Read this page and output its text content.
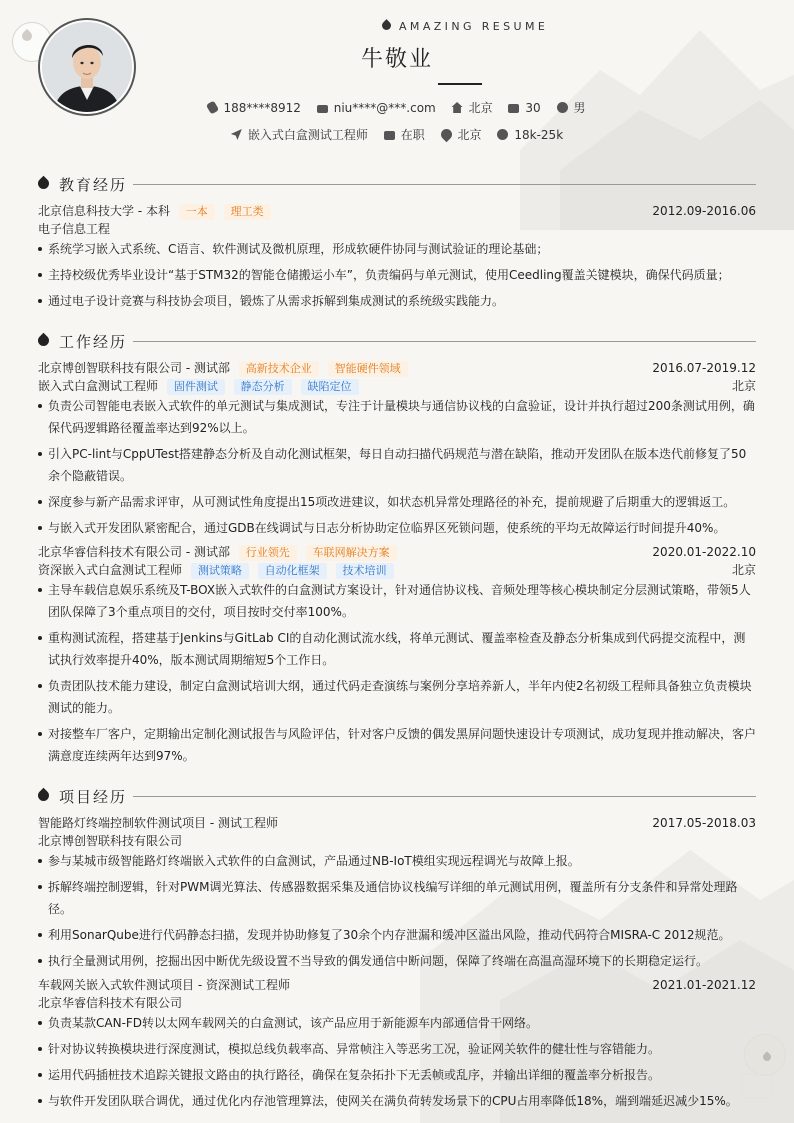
AMAZING RESUME
牛敬业
188****8912	niu****@***.com	北京	30	男
嵌入式白盒测试工程师	在职	北京	18k-25k
教育经历
北京信息科技大学 - 本科 一本 理工类	2012.09-2016.06
电子信息工程
系统学习嵌入式系统、C语言、软件测试及微机原理，形成软硬件协同与测试验证的理论基础；
主持校级优秀毕业设计“基于STM32的智能仓储搬运小车”，负责编码与单元测试，使用Ceedling覆盖关键模块，确保代码质量；
通过电子设计竞赛与科技协会项目，锻炼了从需求拆解到集成测试的系统级实践能力。
工作经历
北京博创智联科技有限公司 - 测试部 高新技术企业 智能硬件领域	2016.07-2019.12
嵌入式白盒测试工程师 固件测试 静态分析 缺陷定位	北京
负责公司智能电表嵌入式软件的单元测试与集成测试，专注于计量模块与通信协议栈的白盒验证，设计并执行超过200条测试用例，确保代码逻辑路径覆盖率达到92%以上。
引入PC-lint与CppUTest搭建静态分析及自动化测试框架，每日自动扫描代码规范与潜在缺陷，推动开发团队在版本迭代前修复了50余个隐蔽错误。
深度参与新产品需求评审，从可测试性角度提出15项改进建议，如状态机异常处理路径的补充，提前规避了后期重大的逻辑返工。
与嵌入式开发团队紧密配合，通过GDB在线调试与日志分析协助定位临界区死锁问题，使系统的平均无故障运行时间提升40%。
北京华睿信科技术有限公司 - 测试部 行业领先 车联网解决方案	2020.01-2022.10
资深嵌入式白盒测试工程师 测试策略 自动化框架 技术培训	北京
主导车载信息娱乐系统及T-BOX嵌入式软件的白盒测试方案设计，针对通信协议栈、音频处理等核心模块制定分层测试策略，带领5人团队保障了3个重点项目的交付，项目按时交付率100%。
重构测试流程，搭建基于Jenkins与GitLab CI的自动化测试流水线，将单元测试、覆盖率检查及静态分析集成到代码提交流程中，测试执行效率提升40%，版本测试周期缩短5个工作日。
负责团队技术能力建设，制定白盒测试培训大纲，通过代码走查演练与案例分享培养新人，半年内使2名初级工程师具备独立负责模块测试的能力。
对接整车厂客户，定期输出定制化测试报告与风险评估，针对客户反馈的偶发黑屏问题快速设计专项测试，成功复现并推动解决，客户满意度连续两年达到97%。
项目经历
智能路灯终端控制软件测试项目 - 测试工程师	2017.05-2018.03
北京博创智联科技有限公司
参与某城市级智能路灯终端嵌入式软件的白盒测试，产品通过NB-IoT模组实现远程调光与故障上报。
拆解终端控制逻辑，针对PWM调光算法、传感器数据采集及通信协议栈编写详细的单元测试用例，覆盖所有分支条件和异常处理路径。
利用SonarQube进行代码静态扫描，发现并协助修复了30余个内存泄漏和缓冲区溢出风险，推动代码符合MISRA-C 2012规范。
执行全量测试用例，挖掘出因中断优先级设置不当导致的偶发通信中断问题，保障了终端在高温高湿环境下的长期稳定运行。
车载网关嵌入式软件测试项目 - 资深测试工程师	2021.01-2021.12
北京华睿信科技术有限公司
负责某款CAN-FD转以太网车载网关的白盒测试，该产品应用于新能源车内部通信骨干网络。
针对协议转换模块进行深度测试，模拟总线负载率高、异常帧注入等恶劣工况，验证网关软件的健壮性与容错能力。
运用代码插桩技术追踪关键报文路由的执行路径，确保在复杂拓扑下无丢帧或乱序，并输出详细的覆盖率分析报告。
与软件开发团队联合调优，通过优化内存池管理算法，使网关在满负荷转发场景下的CPU占用率降低18%，端到端延迟减少15%。
